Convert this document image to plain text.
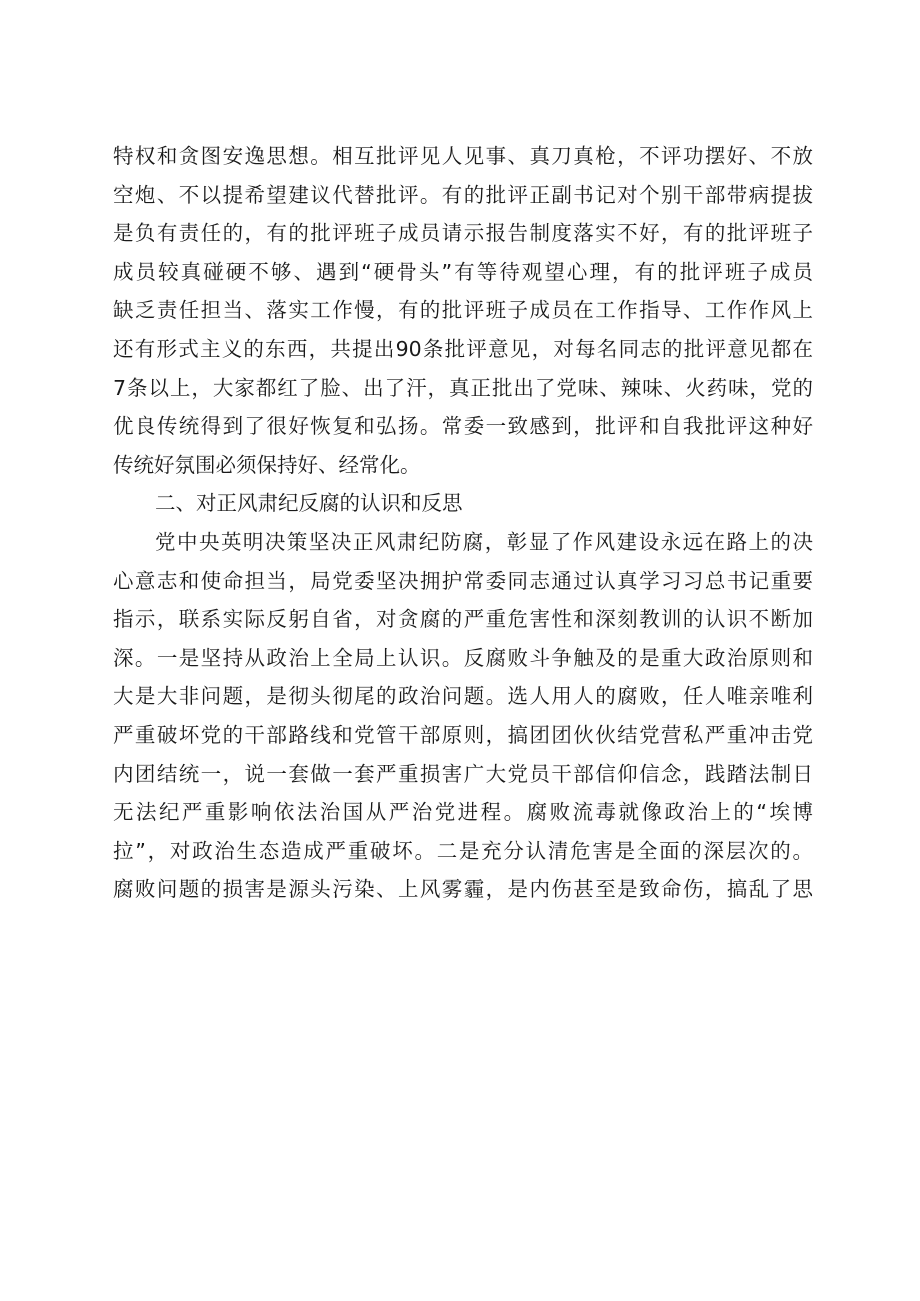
特权和贪图安逸思想。相互批评见人见事、真刀真枪，不评功摆好、不放
空炮、不以提希望建议代替批评。有的批评正副书记对个别干部带病提拔
是负有责任的，有的批评班子成员请示报告制度落实不好，有的批评班子
成员较真碰硬不够、遇到“硬骨头”有等待观望心理，有的批评班子成员
缺乏责任担当、落实工作慢，有的批评班子成员在工作指导、工作作风上
还有形式主义的东西，共提出90条批评意见，对每名同志的批评意见都在
7条以上，大家都红了脸、出了汗，真正批出了党味、辣味、火药味，党的
优良传统得到了很好恢复和弘扬。常委一致感到，批评和自我批评这种好
传统好氛围必须保持好、经常化。
二、对正风肃纪反腐的认识和反思
党中央英明决策坚决正风肃纪防腐，彰显了作风建设永远在路上的决
心意志和使命担当，局党委坚决拥护常委同志通过认真学习习总书记重要
指示，联系实际反躬自省，对贪腐的严重危害性和深刻教训的认识不断加
深。一是坚持从政治上全局上认识。反腐败斗争触及的是重大政治原则和
大是大非问题，是彻头彻尾的政治问题。选人用人的腐败，任人唯亲唯利
严重破坏党的干部路线和党管干部原则，搞团团伙伙结党营私严重冲击党
内团结统一，说一套做一套严重损害广大党员干部信仰信念，践踏法制日
无法纪严重影响依法治国从严治党进程。腐败流毒就像政治上的“埃博
拉”，对政治生态造成严重破坏。二是充分认清危害是全面的深层次的。
腐败问题的损害是源头污染、上风雾霾，是内伤甚至是致命伤，搞乱了思
